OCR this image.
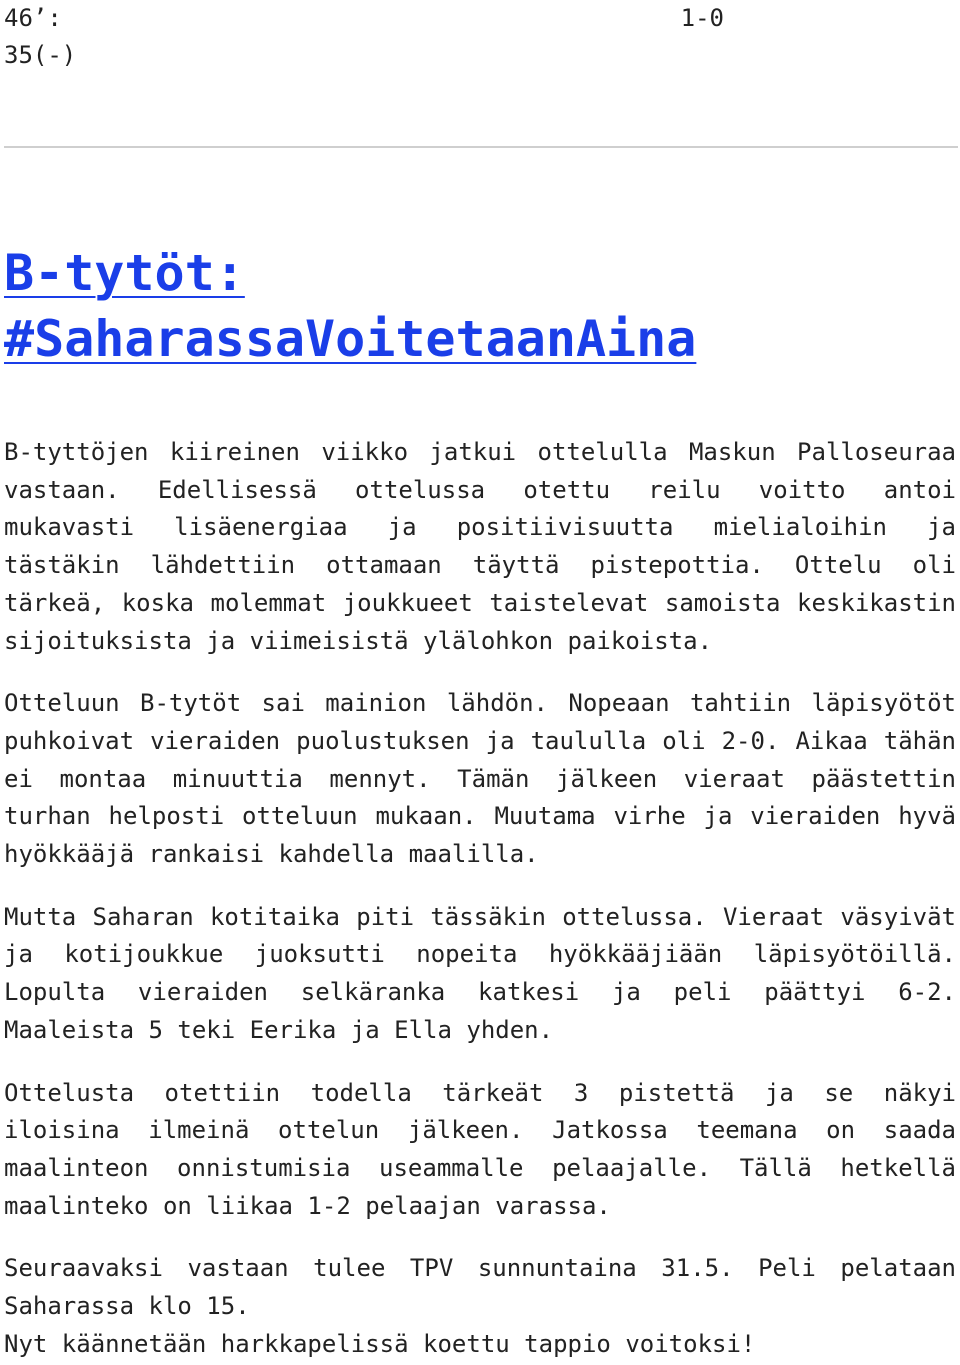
46’:	1-0
35(-)
B-tytöt:
#SaharassaVoitetaanAina

B-tyttöjen kiireinen viikko jatkui ottelulla Maskun Palloseuraa vastaan. Edellisessä ottelussa otettu reilu voitto antoi mukavasti lisäenergiaa ja positiivisuutta mielialoihin ja tästäkin lähdettiin ottamaan täyttä pistepottia. Ottelu oli tärkeä, koska molemmat joukkueet taistelevat samoista keskikastin sijoituksista ja viimeisistä ylälohkon paikoista.

Otteluun B-tytöt sai mainion lähdön. Nopeaan tahtiin läpisyötöt puhkoivat vieraiden puolustuksen ja taululla oli 2-0. Aikaa tähän ei montaa minuuttia mennyt. Tämän jälkeen vieraat päästettin turhan helposti otteluun mukaan. Muutama virhe ja vieraiden hyvä hyökkääjä rankaisi kahdella maalilla.

Mutta Saharan kotitaika piti tässäkin ottelussa. Vieraat väsyivät ja kotijoukkue juoksutti nopeita hyökkääjiään läpisyötöillä. Lopulta vieraiden selkäranka katkesi ja peli päättyi 6-2. Maaleista 5 teki Eerika ja Ella yhden.

Ottelusta otettiin todella tärkeät 3 pistettä ja se näkyi iloisina ilmeinä ottelun jälkeen. Jatkossa teemana on saada maalinteon onnistumisia useammalle pelaajalle. Tällä hetkellä maalinteko on liikaa 1-2 pelaajan varassa.

Seuraavaksi vastaan tulee TPV sunnuntaina 31.5. Peli pelataan Saharassa klo 15.

Nyt käännetään harkkapelissä koettu tappio voitoksi!
